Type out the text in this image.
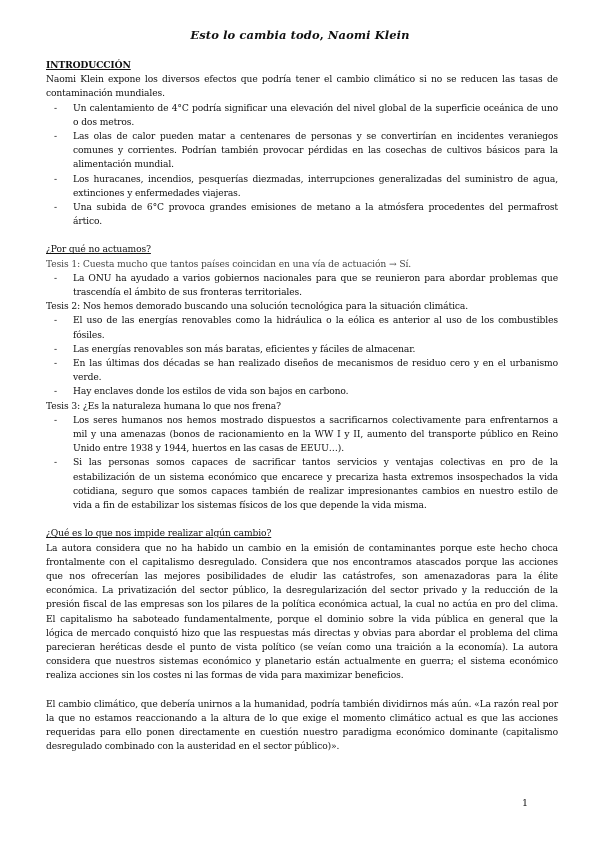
Esto lo cambia todo, Naomi Klein
INTRODUCCIÓN

Naomi Klein expone los diversos efectos que podría tener el cambio climático si no se reducen las tasas de contaminación mundiales.

- Un calentamiento de 4°C podría significar una elevación del nivel global de la superficie oceánica de uno o dos metros.
- Las olas de calor pueden matar a centenares de personas y se convertirían en incidentes veraniegos comunes y corrientes. Podrían también provocar pérdidas en las cosechas de cultivos básicos para la alimentación mundial.
- Los huracanes, incendios, pesquerías diezmadas, interrupciones generalizadas del suministro de agua, extinciones y enfermedades viajeras.
- Una subida de 6°C provoca grandes emisiones de metano a la atmósfera procedentes del permafrost ártico.
¿Por qué no actuamos?

Tesis 1: Cuesta mucho que tantos países coincidan en una vía de actuación → Sí.

- La ONU ha ayudado a varios gobiernos nacionales para que se reunieron para abordar problemas que trascendía el ámbito de sus fronteras territoriales.

Tesis 2: Nos hemos demorado buscando una solución tecnológica para la situación climática.

- El uso de las energías renovables como la hidráulica o la eólica es anterior al uso de los combustibles fósiles.
- Las energías renovables son más baratas, eficientes y fáciles de almacenar.
- En las últimas dos décadas se han realizado diseños de mecanismos de residuo cero y en el urbanismo verde.
- Hay enclaves donde los estilos de vida son bajos en carbono.

Tesis 3: ¿Es la naturaleza humana lo que nos frena?

- Los seres humanos nos hemos mostrado dispuestos a sacrificarnos colectivamente para enfrentarnos a mil y una amenazas (bonos de racionamiento en la WW I y II, aumento del transporte público en Reino Unido entre 1938 y 1944, huertos en las casas de EEUU…).
- Si las personas somos capaces de sacrificar tantos servicios y ventajas colectivas en pro de la estabilización de un sistema económico que encarece y precariza hasta extremos insospechados la vida cotidiana, seguro que somos capaces también de realizar impresionantes cambios en nuestro estilo de vida a fin de estabilizar los sistemas físicos de los que depende la vida misma.
¿Qué es lo que nos impide realizar algún cambio?

La autora considera que no ha habido un cambio en la emisión de contaminantes porque este hecho choca frontalmente con el capitalismo desregulado. Considera que nos encontramos atascados porque las acciones que nos ofrecerían las mejores posibilidades de eludir las catástrofes, son amenazadoras para la élite económica. La privatización del sector público, la desregularización del sector privado y la reducción de la presión fiscal de las empresas son los pilares de la política económica actual, la cual no actúa en pro del clima. El capitalismo ha saboteado fundamentalmente, porque el dominio sobre la vida pública en general que la lógica de mercado conquistó hizo que las respuestas más directas y obvias para abordar el problema del clima parecieran heréticas desde el punto de vista político (se veían como una traición a la economía). La autora considera que nuestros sistemas económico y planetario están actualmente en guerra; el sistema económico realiza acciones sin los costes ni las formas de vida para maximizar beneficios.

El cambio climático, que debería unirnos a la humanidad, podría también dividirnos más aún. «La razón real por la que no estamos reaccionando a la altura de lo que exige el momento climático actual es que las acciones requeridas para ello ponen directamente en cuestión nuestro paradigma económico dominante (capitalismo desregulado combinado con la austeridad en el sector público)».

1
